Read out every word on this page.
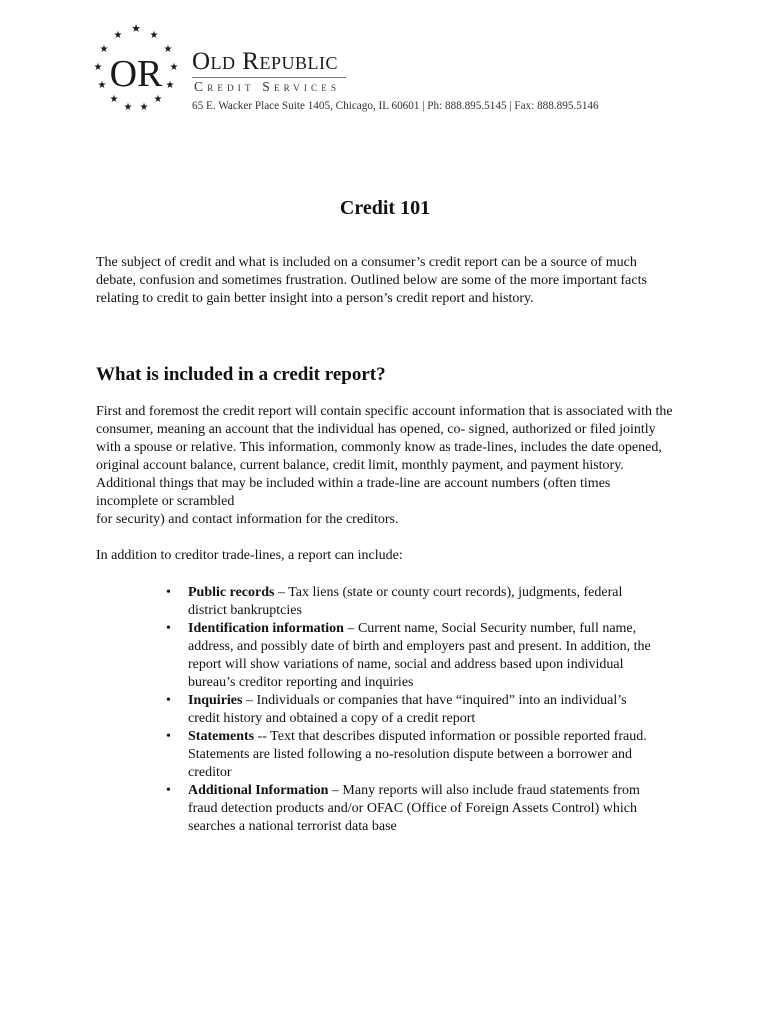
★
★	★
★	★
★	★
★	★
★	★
★ ★
OR Old Republic
Credit Services
65 E. Wacker Place Suite 1405, Chicago, IL 60601 | Ph: 888.895.5145 | Fax: 888.895.5146
Credit 101

The subject of credit and what is included on a consumer’s credit report can be a source of much debate, confusion and sometimes frustration. Outlined below are some of the more important facts relating to credit to gain better insight into a person’s credit report and history.

What is included in a credit report?

First and foremost the credit report will contain specific account information that is associated with the consumer, meaning an account that the individual has opened, co- signed, authorized or filed jointly with a spouse or relative. This information, commonly know as trade-lines, includes the date opened, original account balance, current balance, credit limit, monthly payment, and payment history. Additional things that may be included within a trade-line are account numbers (often times incomplete or scrambled

for security) and contact information for the creditors.

In addition to creditor trade-lines, a report can include:

• Public records – Tax liens (state or county court records), judgments, federal district bankruptcies
• Identification information – Current name, Social Security number, full name, address, and possibly date of birth and employers past and present. In addition, the report will show variations of name, social and address based upon individual bureau’s creditor reporting and inquiries
• Inquiries – Individuals or companies that have “inquired” into an individual’s credit history and obtained a copy of a credit report
• Statements -- Text that describes disputed information or possible reported fraud. Statements are listed following a no-resolution dispute between a borrower and creditor
• Additional Information – Many reports will also include fraud statements from fraud detection products and/or OFAC (Office of Foreign Assets Control) which searches a national terrorist data base
